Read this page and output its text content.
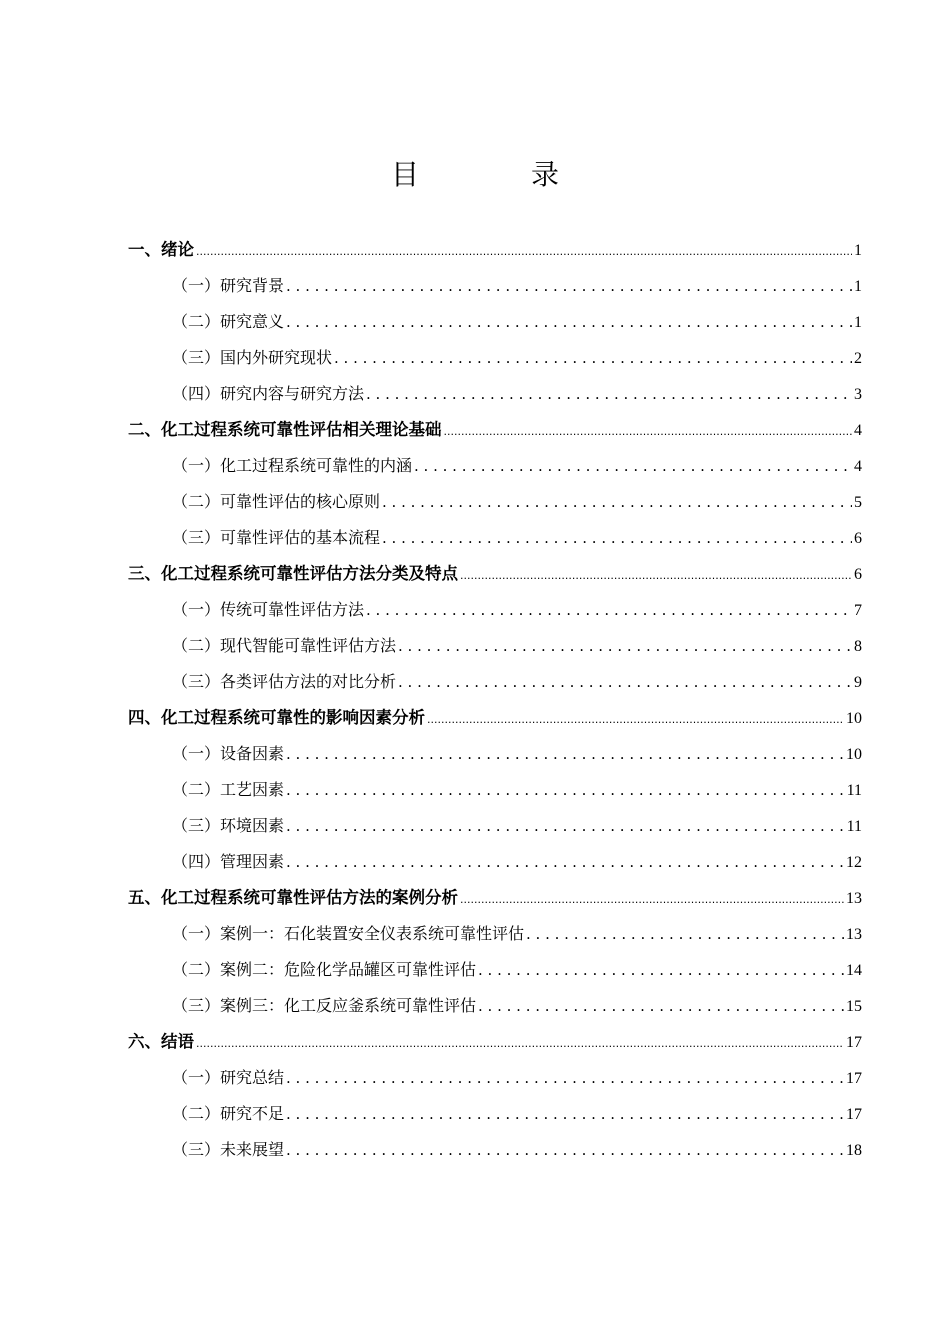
目　录
一、绪论 .....	1
（一）研究背景 . . .	1
（二）研究意义 . . .	1
（三）国内外研究现状 . . .	2
（四）研究内容与研究方法 . . .	3
二、化工过程系统可靠性评估相关理论基础 .....	4
（一）化工过程系统可靠性的内涵 . . .	4
（二）可靠性评估的核心原则 . . .	5
（三）可靠性评估的基本流程 . . .	6
三、化工过程系统可靠性评估方法分类及特点 .....	6
（一）传统可靠性评估方法 . . .	7
（二）现代智能可靠性评估方法 . . .	8
（三）各类评估方法的对比分析 . . .	9
四、化工过程系统可靠性的影响因素分析 .....	10
（一）设备因素 . . .	10
（二）工艺因素 . . .	11
（三）环境因素 . . .	11
（四）管理因素 . . .	12
五、化工过程系统可靠性评估方法的案例分析 .....	13
（一）案例一：石化装置安全仪表系统可靠性评估 . . .	13
（二）案例二：危险化学品罐区可靠性评估 . . .	14
（三）案例三：化工反应釜系统可靠性评估 . . .	15
六、结语 .....	17
（一）研究总结 . . .	17
（二）研究不足 . . .	17
（三）未来展望 . . .	18
